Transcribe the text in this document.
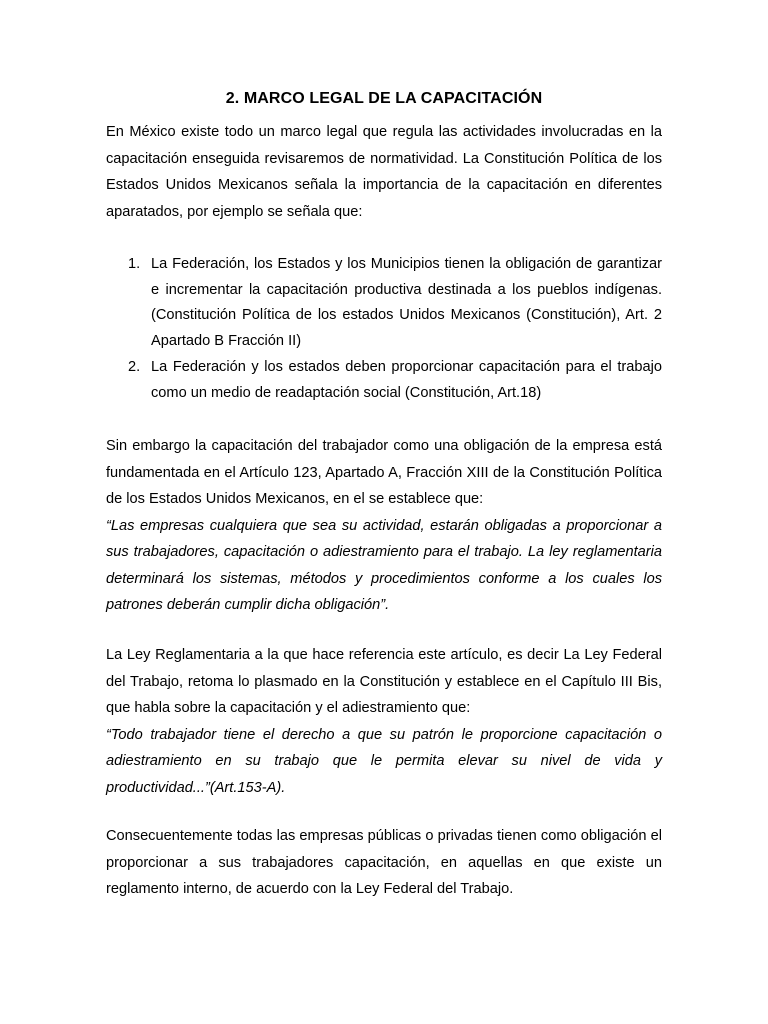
2. MARCO LEGAL DE LA CAPACITACIÓN

En México existe todo un marco legal que regula las actividades involucradas en la capacitación enseguida revisaremos de normatividad. La Constitución Política de los Estados Unidos Mexicanos señala la importancia de la capacitación en diferentes aparatados, por ejemplo se señala que:

1. La Federación, los Estados y los Municipios tienen la obligación de garantizar e incrementar la capacitación productiva destinada a los pueblos indígenas. (Constitución Política de los estados Unidos Mexicanos (Constitución), Art. 2 Apartado B Fracción II)
2. La Federación y los estados deben proporcionar capacitación para el trabajo como un medio de readaptación social (Constitución, Art.18)

Sin embargo la capacitación del trabajador como una obligación de la empresa está fundamentada en el Artículo 123, Apartado A, Fracción XIII de la Constitución Política de los Estados Unidos Mexicanos, en el se establece que:

“Las empresas cualquiera que sea su actividad, estarán obligadas a proporcionar a sus trabajadores, capacitación o adiestramiento para el trabajo. La ley reglamentaria determinará los sistemas, métodos y procedimientos conforme a los cuales los patrones deberán cumplir dicha obligación”.

La Ley Reglamentaria a la que hace referencia este artículo, es decir La Ley Federal del Trabajo, retoma lo plasmado en la Constitución y establece en el Capítulo III Bis, que habla sobre la capacitación y el adiestramiento que:

“Todo trabajador tiene el derecho a que su patrón le proporcione capacitación o adiestramiento en su trabajo que le permita elevar su nivel de vida y productividad...”(Art.153-A).

Consecuentemente todas las empresas públicas o privadas tienen como obligación el proporcionar a sus trabajadores capacitación, en aquellas en que existe un reglamento interno, de acuerdo con la Ley Federal del Trabajo.
